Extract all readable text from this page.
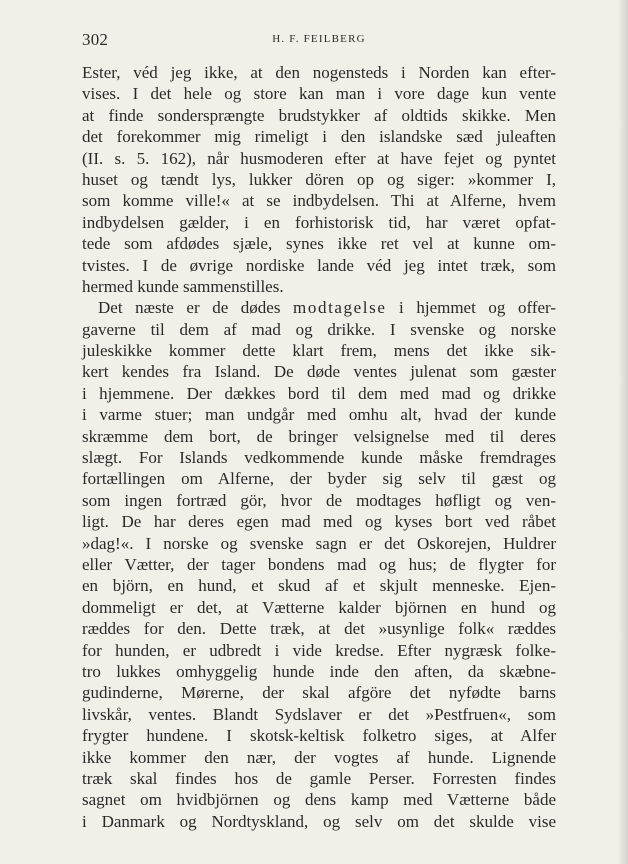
302	H. F. FEILBERG
Ester, véd jeg ikke, at den nogensteds i Norden kan efter-
vises. I det hele og store kan man i vore dage kun vente
at finde sondersprængte brudstykker af oldtids skikke. Men
det forekommer mig rimeligt i den islandske sæd juleaften
(II. s. 5. 162), når husmoderen efter at have fejet og pyntet
huset og tændt lys, lukker dören op og siger: »kommer I,
som komme ville!« at se indbydelsen. Thi at Alferne, hvem
indbydelsen gælder, i en forhistorisk tid, har været opfat-
tede som afdødes sjæle, synes ikke ret vel at kunne om-
tvistes. I de øvrige nordiske lande véd jeg intet træk, som
hermed kunde sammenstilles.
Det næste er de dødes modtagelse i hjemmet og offer-
gaverne til dem af mad og drikke. I svenske og norske
juleskikke kommer dette klart frem, mens det ikke sik-
kert kendes fra Island. De døde ventes julenat som gæster
i hjemmene. Der dækkes bord til dem med mad og drikke
i varme stuer; man undgår med omhu alt, hvad der kunde
skræmme dem bort, de bringer velsignelse med til deres
slægt. For Islands vedkommende kunde måske fremdrages
fortællingen om Alferne, der byder sig selv til gæst og
som ingen fortræd gör, hvor de modtages høfligt og ven-
ligt. De har deres egen mad med og kyses bort ved råbet
»dag!«. I norske og svenske sagn er det Oskorejen, Huldrer
eller Vætter, der tager bondens mad og hus; de flygter for
en björn, en hund, et skud af et skjult menneske. Ejen-
dommeligt er det, at Vætterne kalder björnen en hund og
ræddes for den. Dette træk, at det »usynlige folk« ræddes
for hunden, er udbredt i vide kredse. Efter nygræsk folke-
tro lukkes omhyggelig hunde inde den aften, da skæbne-
gudinderne, Mørerne, der skal afgöre det nyfødte barns
livskår, ventes. Blandt Sydslaver er det »Pestfruen«, som
frygter hundene. I skotsk-keltisk folketro siges, at Alfer
ikke kommer den nær, der vogtes af hunde. Lignende
træk skal findes hos de gamle Perser. Forresten findes
sagnet om hvidbjörnen og dens kamp med Vætterne både
i Danmark og Nordtyskland, og selv om det skulde vise
